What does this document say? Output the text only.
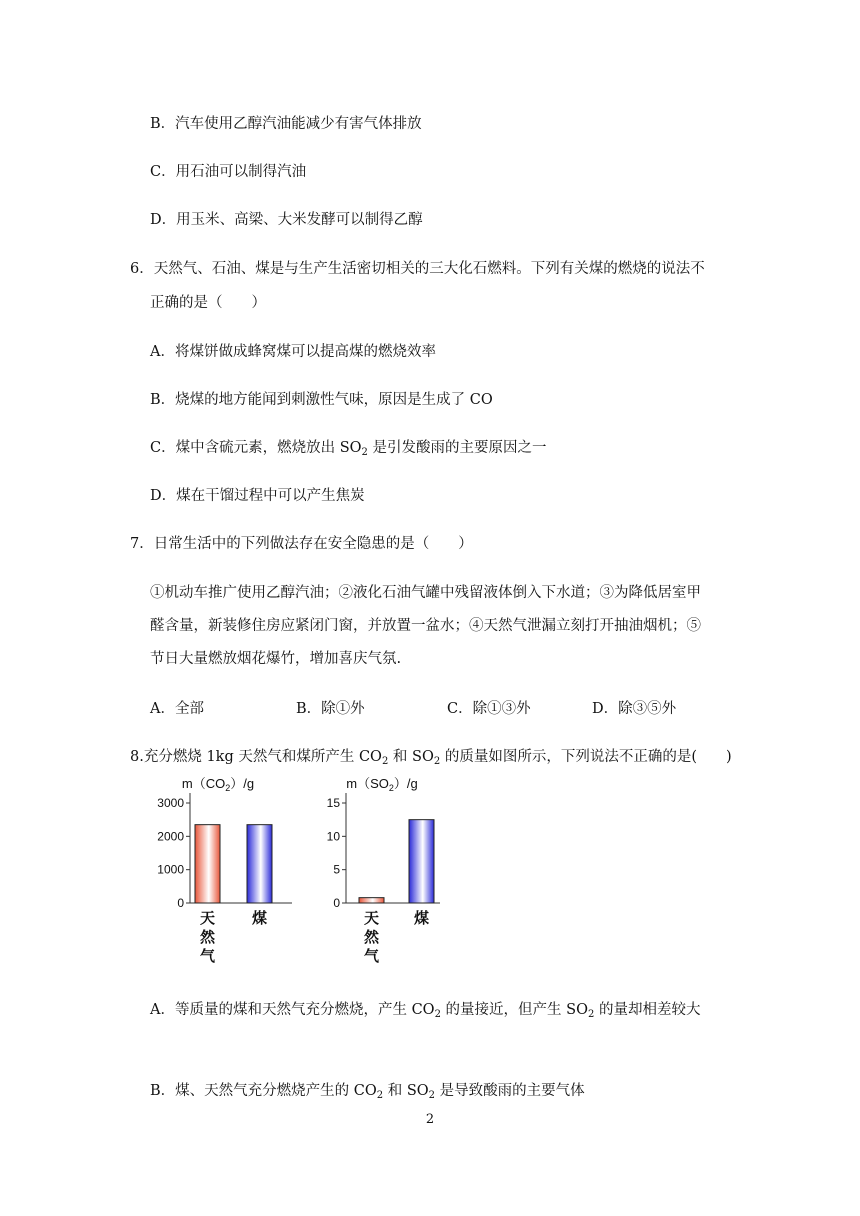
B．汽车使用乙醇汽油能减少有害气体排放
C．用石油可以制得汽油
D．用玉米、高梁、大米发酵可以制得乙醇
6．天然气、石油、煤是与生产生活密切相关的三大化石燃料。下列有关煤的燃烧的说法不
正确的是（　　）
A．将煤饼做成蜂窝煤可以提高煤的燃烧效率
B．烧煤的地方能闻到刺激性气味，原因是生成了 CO
C．煤中含硫元素，燃烧放出 $SO_2$ 是引发酸雨的主要原因之一
D．煤在干馏过程中可以产生焦炭
7．日常生活中的下列做法存在安全隐患的是（　　）
①机动车推广使用乙醇汽油；②液化石油气罐中残留液体倒入下水道；③为降低居室甲
醛含量，新装修住房应紧闭门窗，并放置一盆水；④天然气泄漏立刻打开抽油烟机；⑤
节日大量燃放烟花爆竹，增加喜庆气氛.
A．全部	B．除①外	C．除①③外	D．除③⑤外
8.充分燃烧 1kg 天然气和煤所产生 $CO_2$ 和 $SO_2$ 的质量如图所示，下列说法不正确的是(　　)
$m(CO_2)/g$
0
1000
2000
3000
天然气
煤
$m(SO_2)/g$
0
5
10
15
天然气
煤
A．等质量的煤和天然气充分燃烧，产生 $CO_2$ 的量接近，但产生 $SO_2$ 的量却相差较大
B．煤、天然气充分燃烧产生的 $CO_2$ 和 $SO_2$ 是导致酸雨的主要气体
2
